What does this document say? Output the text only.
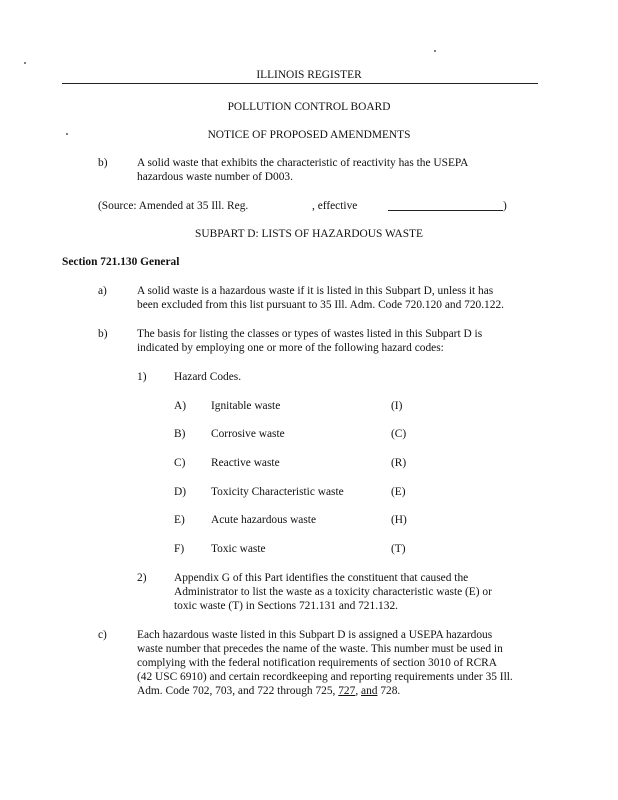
ILLINOIS REGISTER
POLLUTION CONTROL BOARD
NOTICE OF PROPOSED AMENDMENTS
b)	A solid waste that exhibits the characteristic of reactivity has the USEPA
hazardous waste number of D003.
(Source: Amended at 35 Ill. Reg.	, effective	)
SUBPART D: LISTS OF HAZARDOUS WASTE
Section 721.130 General
a)	A solid waste is a hazardous waste if it is listed in this Subpart D, unless it has
been excluded from this list pursuant to 35 Ill. Adm. Code 720.120 and 720.122.
b)	The basis for listing the classes or types of wastes listed in this Subpart D is
indicated by employing one or more of the following hazard codes:
1) Hazard Codes.
A) Ignitable waste	(I)
B) Corrosive waste	(C)
C) Reactive waste	(R)
D) Toxicity Characteristic waste	(E)
E) Acute hazardous waste	(H)
F) Toxic waste	(T)
2) Appendix G of this Part identifies the constituent that caused the
Administrator to list the waste as a toxicity characteristic waste (E) or
toxic waste (T) in Sections 721.131 and 721.132.
c)	Each hazardous waste listed in this Subpart D is assigned a USEPA hazardous
waste number that precedes the name of the waste. This number must be used in
complying with the federal notification requirements of section 3010 of RCRA
(42 USC 6910) and certain recordkeeping and reporting requirements under 35 Ill.
Adm. Code 702, 703, and 722 through 725, 727, and 728.
